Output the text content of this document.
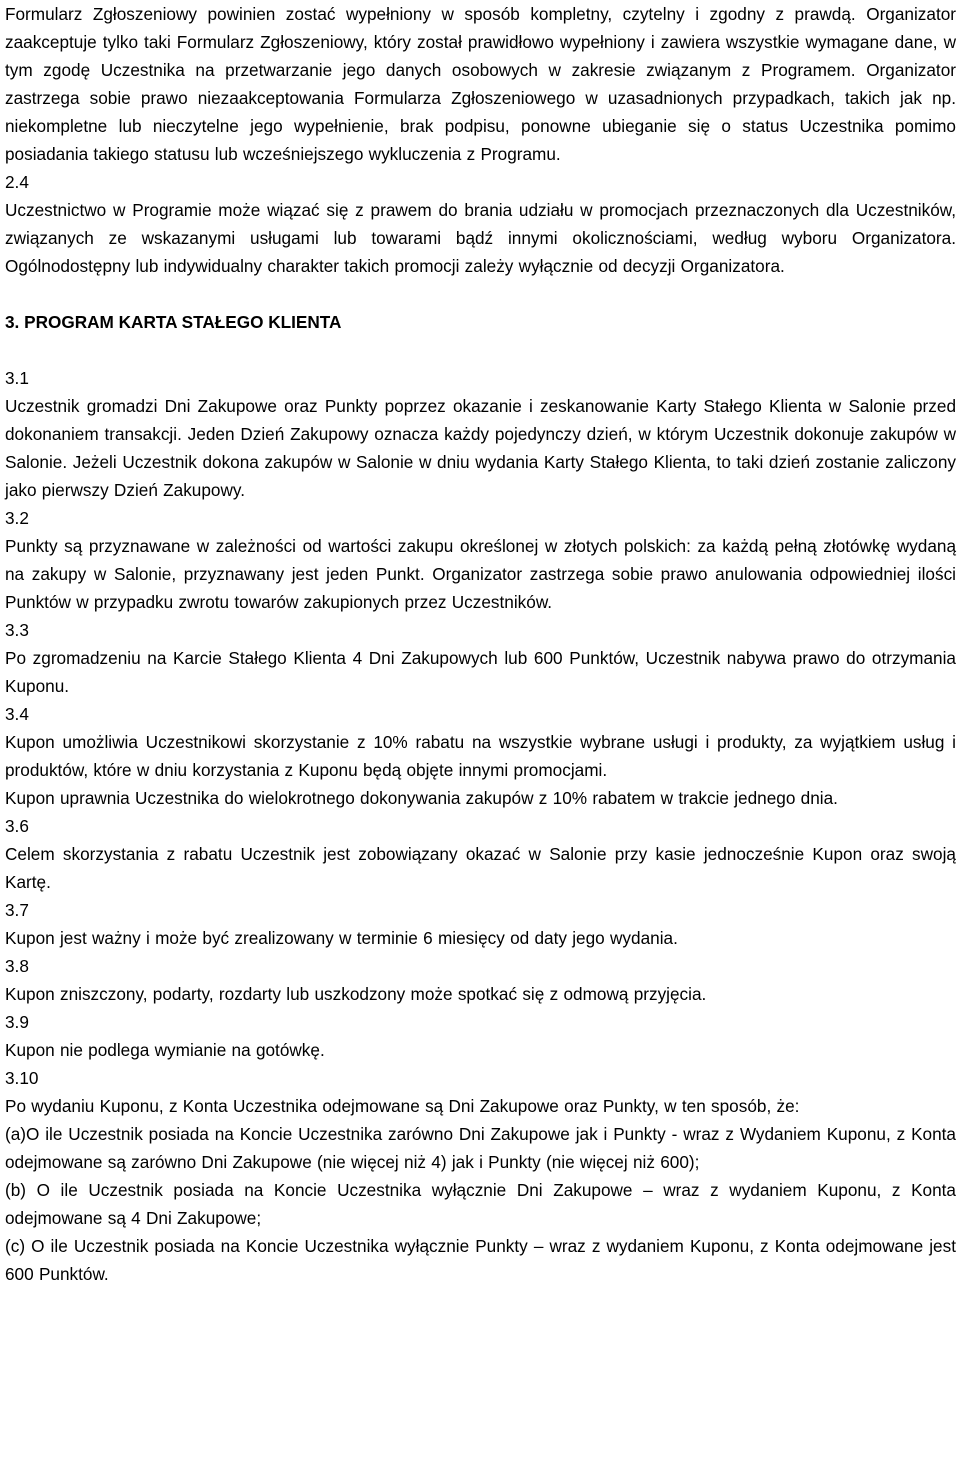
Formularz Zgłoszeniowy powinien zostać wypełniony w sposób kompletny, czytelny i zgodny z prawdą. Organizator zaakceptuje tylko taki Formularz Zgłoszeniowy, który został prawidłowo wypełniony i zawiera wszystkie wymagane dane, w tym zgodę Uczestnika na przetwarzanie jego danych osobowych w zakresie związanym z Programem. Organizator zastrzega sobie prawo niezaakceptowania Formularza Zgłoszeniowego w uzasadnionych przypadkach, takich jak np. niekompletne lub nieczytelne jego wypełnienie, brak podpisu, ponowne ubieganie się o status Uczestnika pomimo posiadania takiego statusu lub wcześniejszego wykluczenia z Programu.

2.4

Uczestnictwo w Programie może wiązać się z prawem do brania udziału w promocjach przeznaczonych dla Uczestników, związanych ze wskazanymi usługami lub towarami bądź innymi okolicznościami, według wyboru Organizatora. Ogólnodostępny lub indywidualny charakter takich promocji zależy wyłącznie od decyzji Organizatora.

3. PROGRAM KARTA STAŁEGO KLIENTA

3.1

Uczestnik gromadzi Dni Zakupowe oraz Punkty poprzez okazanie i zeskanowanie Karty Stałego Klienta w Salonie przed dokonaniem transakcji. Jeden Dzień Zakupowy oznacza każdy pojedynczy dzień, w którym Uczestnik dokonuje zakupów w Salonie. Jeżeli Uczestnik dokona zakupów w Salonie w dniu wydania Karty Stałego Klienta, to taki dzień zostanie zaliczony jako pierwszy Dzień Zakupowy.

3.2

Punkty są przyznawane w zależności od wartości zakupu określonej w złotych polskich: za każdą pełną złotówkę wydaną na zakupy w Salonie, przyznawany jest jeden Punkt. Organizator zastrzega sobie prawo anulowania odpowiedniej ilości Punktów w przypadku zwrotu towarów zakupionych przez Uczestników.

3.3

Po zgromadzeniu na Karcie Stałego Klienta 4 Dni Zakupowych lub 600 Punktów, Uczestnik nabywa prawo do otrzymania Kuponu.

3.4

Kupon umożliwia Uczestnikowi skorzystanie z 10% rabatu na wszystkie wybrane usługi i produkty, za wyjątkiem usług i produktów, które w dniu korzystania z Kuponu będą objęte innymi promocjami.

Kupon uprawnia Uczestnika do wielokrotnego dokonywania zakupów z 10% rabatem w trakcie jednego dnia.

3.6

Celem skorzystania z rabatu Uczestnik jest zobowiązany okazać w Salonie przy kasie jednocześnie Kupon oraz swoją Kartę.

3.7

Kupon jest ważny i może być zrealizowany w terminie 6 miesięcy od daty jego wydania.

3.8

Kupon zniszczony, podarty, rozdarty lub uszkodzony może spotkać się z odmową przyjęcia.

3.9

Kupon nie podlega wymianie na gotówkę.

3.10

Po wydaniu Kuponu, z Konta Uczestnika odejmowane są Dni Zakupowe oraz Punkty, w ten sposób, że:

(a)O ile Uczestnik posiada na Koncie Uczestnika zarówno Dni Zakupowe jak i Punkty - wraz z Wydaniem Kuponu, z Konta odejmowane są zarówno Dni Zakupowe (nie więcej niż 4) jak i Punkty (nie więcej niż 600);

(b) O ile Uczestnik posiada na Koncie Uczestnika wyłącznie Dni Zakupowe – wraz z wydaniem Kuponu, z Konta odejmowane są 4 Dni Zakupowe;

(c) O ile Uczestnik posiada na Koncie Uczestnika wyłącznie Punkty – wraz z wydaniem Kuponu, z Konta odejmowane jest 600 Punktów.
